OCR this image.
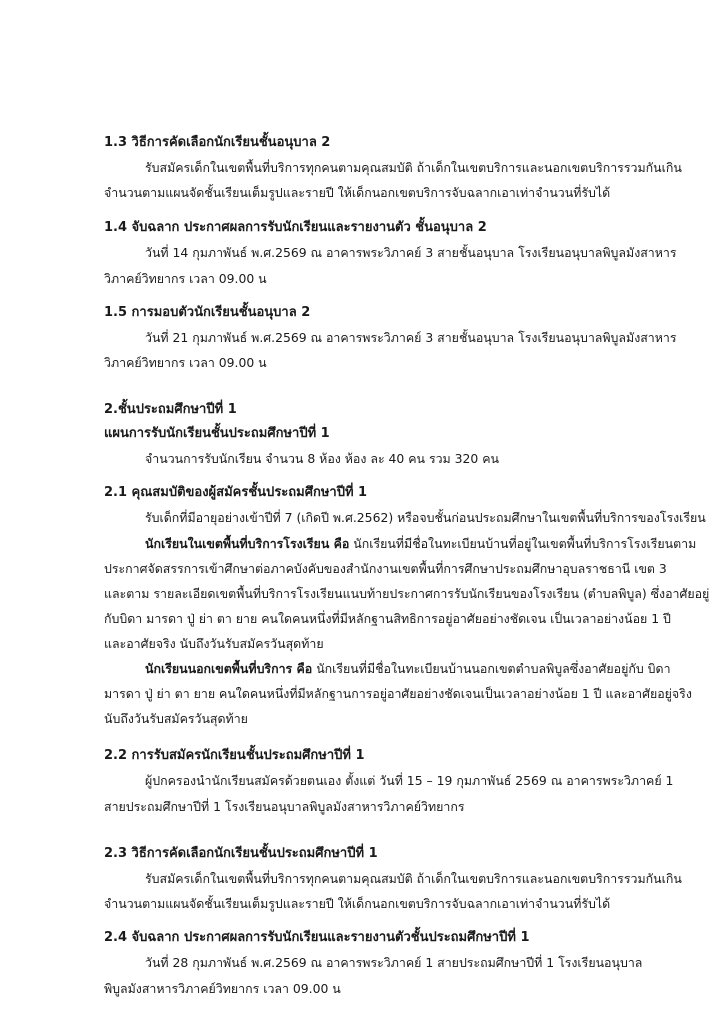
1.3 วิธีการคัดเลือกนักเรียนชั้นอนุบาล 2

รับสมัครเด็กในเขตพื้นที่บริการทุกคนตามคุณสมบัติ ถ้าเด็กในเขตบริการและนอกเขตบริการรวมกันเกิน

จำนวนตามแผนจัดชั้นเรียนเต็มรูปและรายปี ให้เด็กนอกเขตบริการจับฉลากเอาเท่าจำนวนที่รับได้

1.4 จับฉลาก ประกาศผลการรับนักเรียนและรายงานตัว ชั้นอนุบาล 2

วันที่ 14 กุมภาพันธ์ พ.ศ.2569 ณ อาคารพระวิภาคย์ 3 สายชั้นอนุบาล โรงเรียนอนุบาลพิบูลมังสาหาร

วิภาคย์วิทยากร เวลา 09.00 น

1.5 การมอบตัวนักเรียนชั้นอนุบาล 2

วันที่ 21 กุมภาพันธ์ พ.ศ.2569 ณ อาคารพระวิภาคย์ 3 สายชั้นอนุบาล โรงเรียนอนุบาลพิบูลมังสาหาร

วิภาคย์วิทยากร เวลา 09.00 น

2.ชั้นประถมศึกษาปีที่ 1

แผนการรับนักเรียนชั้นประถมศึกษาปีที่ 1

จำนวนการรับนักเรียน จำนวน 8 ห้อง ห้อง ละ 40 คน รวม 320 คน

2.1 คุณสมบัติของผู้สมัครชั้นประถมศึกษาปีที่ 1

รับเด็กที่มีอายุอย่างเข้าปีที่ 7 (เกิดปี พ.ศ.2562) หรือจบชั้นก่อนประถมศึกษาในเขตพื้นที่บริการของโรงเรียน

นักเรียนในเขตพื้นที่บริการโรงเรียน คือ นักเรียนที่มีชื่อในทะเบียนบ้านที่อยู่ในเขตพื้นที่บริการโรงเรียนตาม

ประกาศจัดสรรการเข้าศึกษาต่อภาคบังคับของสำนักงานเขตพื้นที่การศึกษาประถมศึกษาอุบลราชธานี เขต 3

และตาม รายละเอียดเขตพื้นที่บริการโรงเรียนแนบท้ายประกาศการรับนักเรียนของโรงเรียน (ตำบลพิบูล) ซึ่งอาศัยอยู่

กับบิดา มารดา ปู่ ย่า ตา ยาย คนใดคนหนึ่งที่มีหลักฐานสิทธิการอยู่อาศัยอย่างชัดเจน เป็นเวลาอย่างน้อย 1 ปี

และอาศัยจริง นับถึงวันรับสมัครวันสุดท้าย

นักเรียนนอกเขตพื้นที่บริการ คือ นักเรียนที่มีชื่อในทะเบียนบ้านนอกเขตตำบลพิบูลซึ่งอาศัยอยู่กับ บิดา

มารดา ปู่ ย่า ตา ยาย คนใดคนหนึ่งที่มีหลักฐานการอยู่อาศัยอย่างชัดเจนเป็นเวลาอย่างน้อย 1 ปี และอาศัยอยู่จริง

นับถึงวันรับสมัครวันสุดท้าย

2.2 การรับสมัครนักเรียนชั้นประถมศึกษาปีที่ 1

ผู้ปกครองนำนักเรียนสมัครด้วยตนเอง ตั้งแต่ วันที่ 15 – 19 กุมภาพันธ์ 2569 ณ อาคารพระวิภาคย์ 1

สายประถมศึกษาปีที่ 1 โรงเรียนอนุบาลพิบูลมังสาหารวิภาคย์วิทยากร

2.3 วิธีการคัดเลือกนักเรียนชั้นประถมศึกษาปีที่ 1

รับสมัครเด็กในเขตพื้นที่บริการทุกคนตามคุณสมบัติ ถ้าเด็กในเขตบริการและนอกเขตบริการรวมกันเกิน

จำนวนตามแผนจัดชั้นเรียนเต็มรูปและรายปี ให้เด็กนอกเขตบริการจับฉลากเอาเท่าจำนวนที่รับได้

2.4 จับฉลาก ประกาศผลการรับนักเรียนและรายงานตัวชั้นประถมศึกษาปีที่ 1

วันที่ 28 กุมภาพันธ์ พ.ศ.2569 ณ อาคารพระวิภาคย์ 1 สายประถมศึกษาปีที่ 1 โรงเรียนอนุบาล

พิบูลมังสาหารวิภาคย์วิทยากร เวลา 09.00 น
